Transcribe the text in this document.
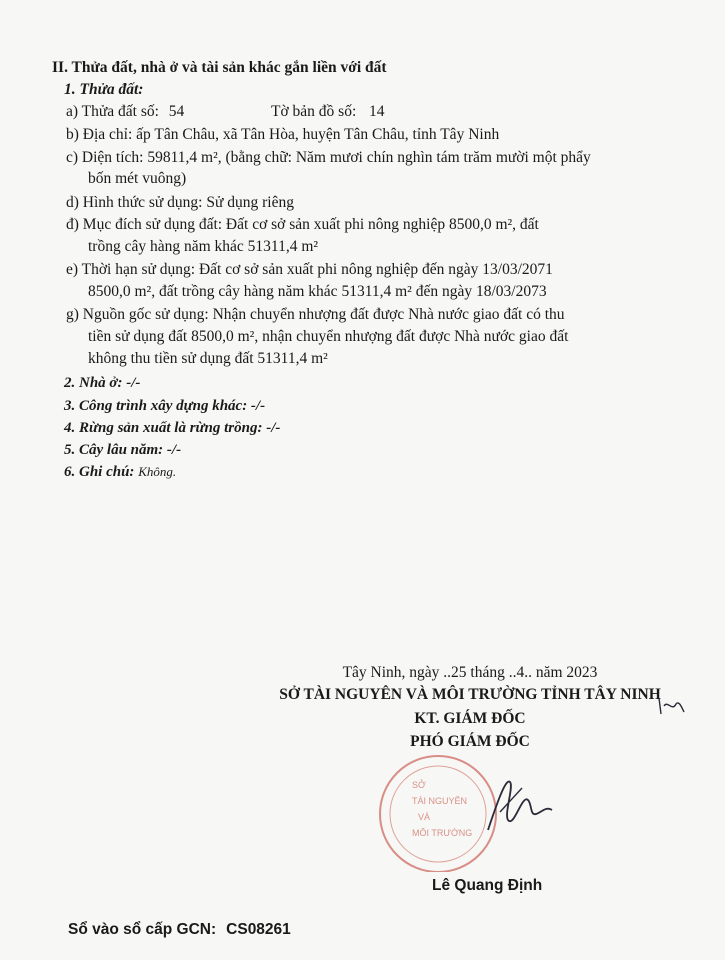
II. Thửa đất, nhà ở và tài sản khác gắn liền với đất
1. Thửa đất:
a) Thửa đất số: 54	Tờ bản đồ số: 14
b) Địa chỉ: ấp Tân Châu, xã Tân Hòa, huyện Tân Châu, tỉnh Tây Ninh
c) Diện tích: 59811,4 m², (bằng chữ: Năm mươi chín nghìn tám trăm mười một phẩy
bốn mét vuông)
d) Hình thức sử dụng: Sử dụng riêng
đ) Mục đích sử dụng đất: Đất cơ sở sản xuất phi nông nghiệp 8500,0 m², đất
trồng cây hàng năm khác 51311,4 m²
e) Thời hạn sử dụng: Đất cơ sở sản xuất phi nông nghiệp đến ngày 13/03/2071
8500,0 m², đất trồng cây hàng năm khác 51311,4 m² đến ngày 18/03/2073
g) Nguồn gốc sử dụng: Nhận chuyển nhượng đất được Nhà nước giao đất có thu
tiền sử dụng đất 8500,0 m², nhận chuyển nhượng đất được Nhà nước giao đất
không thu tiền sử dụng đất 51311,4 m²
2. Nhà ở: -/-
3. Công trình xây dựng khác: -/-
4. Rừng sản xuất là rừng trồng: -/-
5. Cây lâu năm: -/-
6. Ghi chú: Không.
Tây Ninh, ngày ..25 tháng ..4.. năm 2023
SỞ TÀI NGUYÊN VÀ MÔI TRƯỜNG TỈNH TÂY NINH
KT. GIÁM ĐỐC
PHÓ GIÁM ĐỐC
SỞ
TÀI NGUYÊN
VÀ
MÔI TRƯỜNG
Lê Quang Định
Sổ vào sổ cấp GCN: CS08261
